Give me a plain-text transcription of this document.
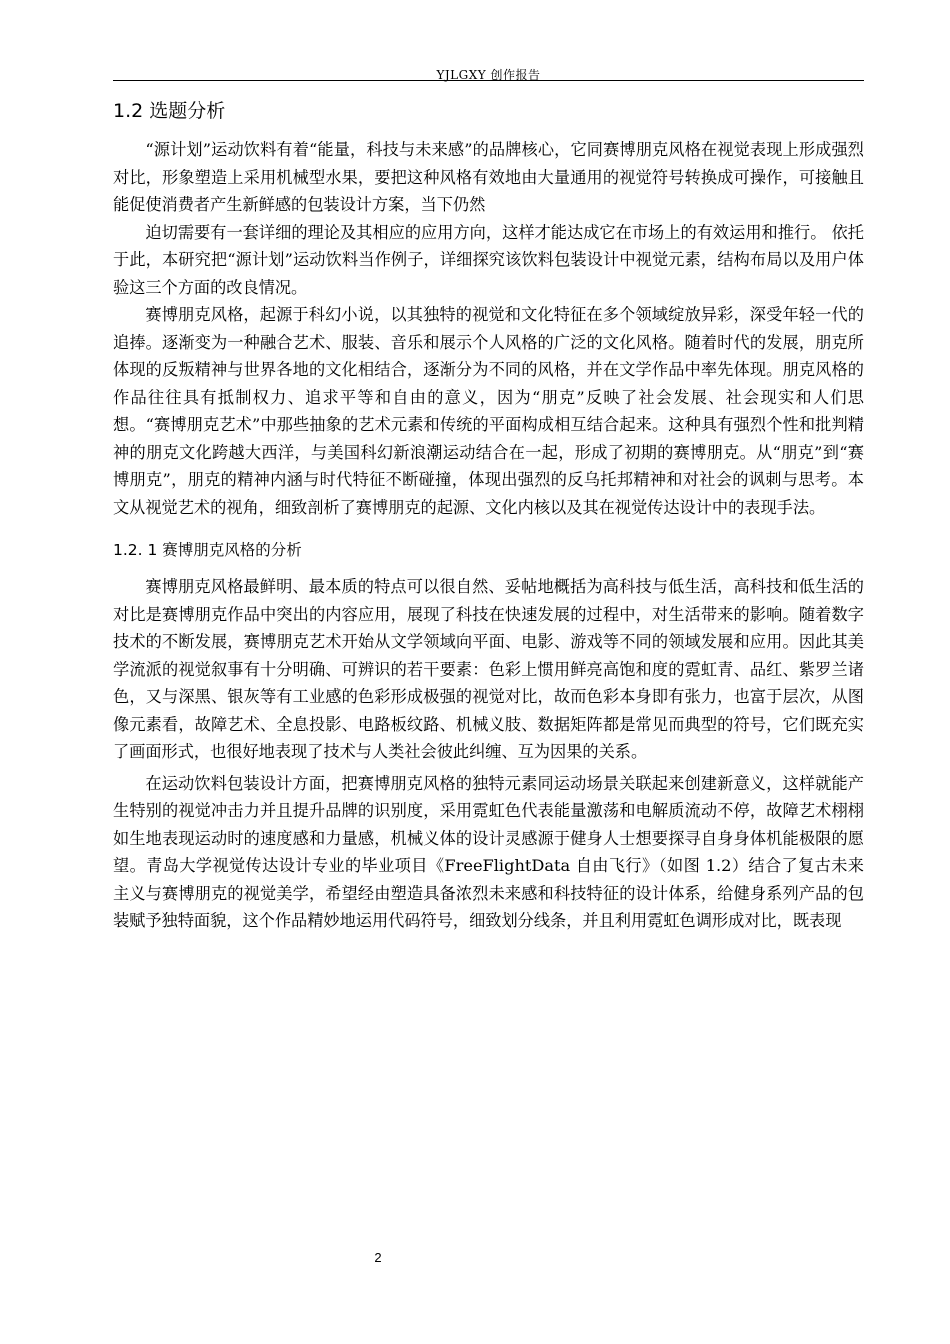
YJLGXY 创作报告
1.2 选题分析

“源计划”运动饮料有着“能量，科技与未来感”的品牌核心，它同赛博朋克风格在视觉表现上形成强烈对比，形象塑造上采用机械型水果，要把这种风格有效地由大量通用的视觉符号转换成可操作，可接触且能促使消费者产生新鲜感的包装设计方案，当下仍然

迫切需要有一套详细的理论及其相应的应用方向，这样才能达成它在市场上的有效运用和推行。 依托于此，本研究把“源计划”运动饮料当作例子，详细探究该饮料包装设计中视觉元素，结构布局以及用户体验这三个方面的改良情况。

赛博朋克风格，起源于科幻小说，以其独特的视觉和文化特征在多个领域绽放异彩，深受年轻一代的追捧。逐渐变为一种融合艺术、服装、音乐和展示个人风格的广泛的文化风格。随着时代的发展，朋克所体现的反叛精神与世界各地的文化相结合，逐渐分为不同的风格，并在文学作品中率先体现。朋克风格的作品往往具有抵制权力、追求平等和自由的意义，因为“朋克”反映了社会发展、社会现实和人们思想。“赛博朋克艺术”中那些抽象的艺术元素和传统的平面构成相互结合起来。这种具有强烈个性和批判精神的朋克文化跨越大西洋，与美国科幻新浪潮运动结合在一起，形成了初期的赛博朋克。从“朋克”到“赛博朋克”，朋克的精神内涵与时代特征不断碰撞，体现出强烈的反乌托邦精神和对社会的讽刺与思考。本文从视觉艺术的视角，细致剖析了赛博朋克的起源、文化内核以及其在视觉传达设计中的表现手法。

1.2. 1 赛博朋克风格的分析

赛博朋克风格最鲜明、最本质的特点可以很自然、妥帖地概括为高科技与低生活，高科技和低生活的对比是赛博朋克作品中突出的内容应用，展现了科技在快速发展的过程中，对生活带来的影响。随着数字技术的不断发展，赛博朋克艺术开始从文学领域向平面、电影、游戏等不同的领域发展和应用。因此其美学流派的视觉叙事有十分明确、可辨识的若干要素：色彩上惯用鲜亮高饱和度的霓虹青、品红、紫罗兰诸色，又与深黑、银灰等有工业感的色彩形成极强的视觉对比，故而色彩本身即有张力，也富于层次，从图像元素看，故障艺术、全息投影、电路板纹路、机械义肢、数据矩阵都是常见而典型的符号，它们既充实了画面形式，也很好地表现了技术与人类社会彼此纠缠、互为因果的关系。

在运动饮料包装设计方面，把赛博朋克风格的独特元素同运动场景关联起来创建新意义，这样就能产生特别的视觉冲击力并且提升品牌的识别度，采用霓虹色代表能量激荡和电解质流动不停，故障艺术栩栩如生地表现运动时的速度感和力量感，机械义体的设计灵感源于健身人士想要探寻自身身体机能极限的愿望。青岛大学视觉传达设计专业的毕业项目《FreeFlightData 自由飞行》（如图 1.2）结合了复古未来主义与赛博朋克的视觉美学，希望经由塑造具备浓烈未来感和科技特征的设计体系，给健身系列产品的包装赋予独特面貌，这个作品精妙地运用代码符号，细致划分线条，并且利用霓虹色调形成对比，既表现

2
